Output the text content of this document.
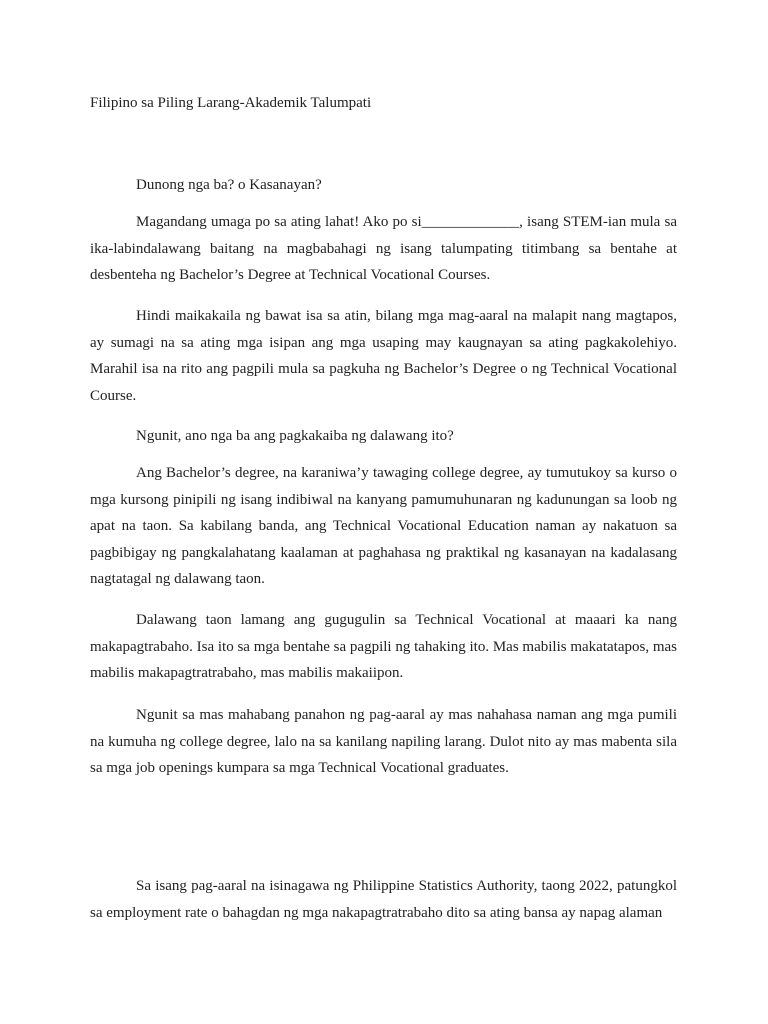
Filipino sa Piling Larang-Akademik Talumpati

Dunong nga ba? o Kasanayan?

Magandang umaga po sa ating lahat! Ako po si_____________, isang STEM-ian mula sa ika-labindalawang baitang na magbabahagi ng isang talumpating titimbang sa bentahe at desbenteha ng Bachelor’s Degree at Technical Vocational Courses.

Hindi maikakaila ng bawat isa sa atin, bilang mga mag-aaral na malapit nang magtapos, ay sumagi na sa ating mga isipan ang mga usaping may kaugnayan sa ating pagkakolehiyo. Marahil isa na rito ang pagpili mula sa pagkuha ng Bachelor’s Degree o ng Technical Vocational Course.

Ngunit, ano nga ba ang pagkakaiba ng dalawang ito?

Ang Bachelor’s degree, na karaniwa’y tawaging college degree, ay tumutukoy sa kurso o mga kursong pinipili ng isang indibiwal na kanyang pamumuhunaran ng kadunungan sa loob ng apat na taon. Sa kabilang banda, ang Technical Vocational Education naman ay nakatuon sa pagbibigay ng pangkalahatang kaalaman at paghahasa ng praktikal ng kasanayan na kadalasang nagtatagal ng dalawang taon.

Dalawang taon lamang ang gugugulin sa Technical Vocational at maaari ka nang makapagtrabaho. Isa ito sa mga bentahe sa pagpili ng tahaking ito. Mas mabilis makatatapos, mas mabilis makapagtratrabaho, mas mabilis makaiipon.

Ngunit sa mas mahabang panahon ng pag-aaral ay mas nahahasa naman ang mga pumili na kumuha ng college degree, lalo na sa kanilang napiling larang. Dulot nito ay mas mabenta sila sa mga job openings kumpara sa mga Technical Vocational graduates.

Sa isang pag-aaral na isinagawa ng Philippine Statistics Authority, taong 2022, patungkol sa employment rate o bahagdan ng mga nakapagtratrabaho dito sa ating bansa ay napag alaman
